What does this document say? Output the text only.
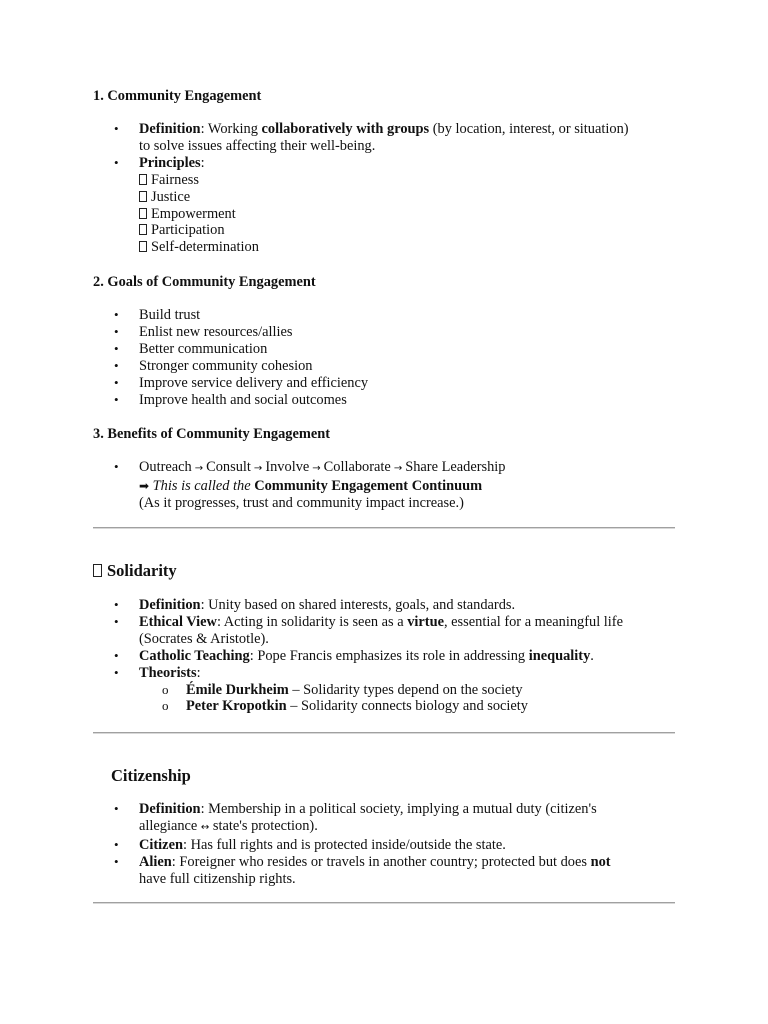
1. Community Engagement
• Definition: Working collaboratively with groups (by location, interest, or situation)
to solve issues affecting their well-being.
• Principles:
Fairness
Justice
Empowerment
Participation
Self-determination
2. Goals of Community Engagement
• Build trust
• Enlist new resources/allies
• Better communication
• Stronger community cohesion
• Improve service delivery and efficiency
• Improve health and social outcomes
3. Benefits of Community Engagement
• Outreach → Consult → Involve → Collaborate → Share Leadership
➡ This is called the Community Engagement Continuum
(As it progresses, trust and community impact increase.)
Solidarity
• Definition: Unity based on shared interests, goals, and standards.
• Ethical View: Acting in solidarity is seen as a virtue, essential for a meaningful life
(Socrates & Aristotle).
• Catholic Teaching: Pope Francis emphasizes its role in addressing inequality.
• Theorists:
o Émile Durkheim – Solidarity types depend on the society
o Peter Kropotkin – Solidarity connects biology and society
Citizenship
• Definition: Membership in a political society, implying a mutual duty (citizen's
allegiance ↔ state's protection).
• Citizen: Has full rights and is protected inside/outside the state.
• Alien: Foreigner who resides or travels in another country; protected but does not
have full citizenship rights.
